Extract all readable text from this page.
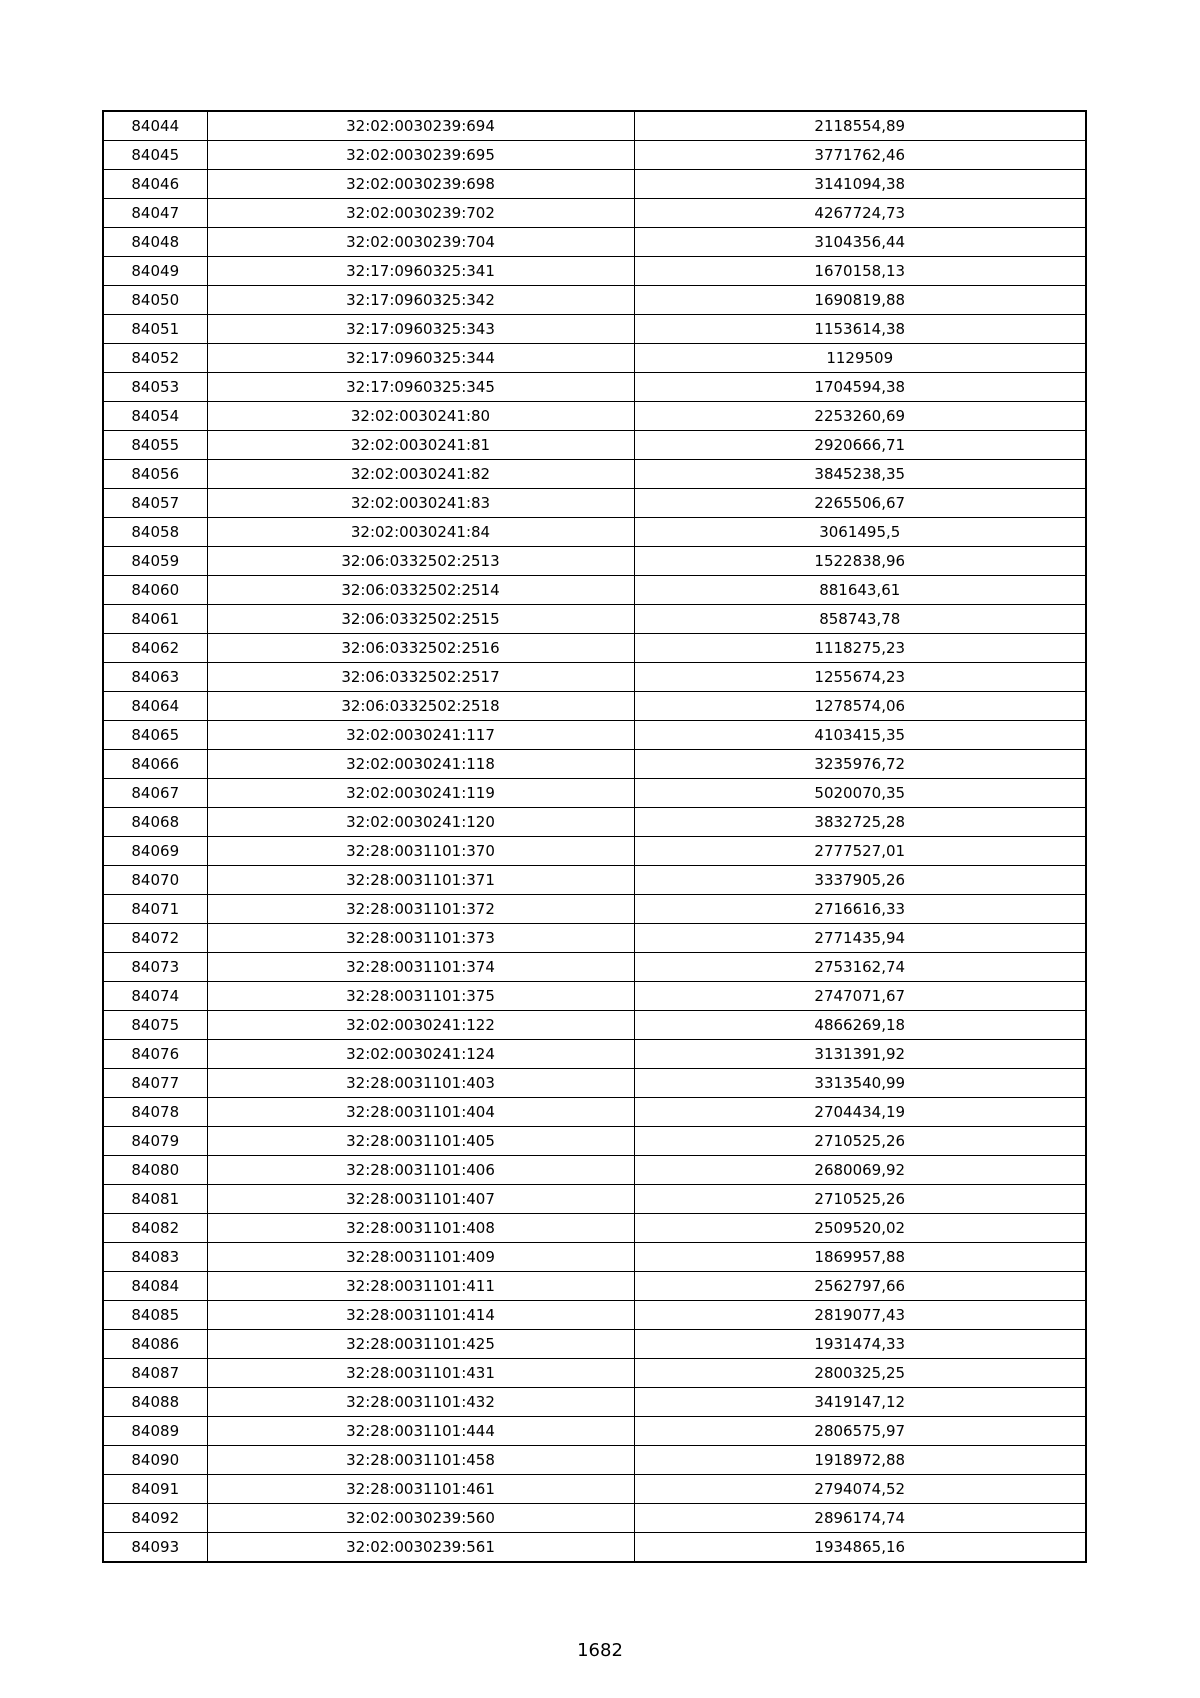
84044	32:02:0030239:694	2118554,89
84045	32:02:0030239:695	3771762,46
84046	32:02:0030239:698	3141094,38
84047	32:02:0030239:702	4267724,73
84048	32:02:0030239:704	3104356,44
84049	32:17:0960325:341	1670158,13
84050	32:17:0960325:342	1690819,88
84051	32:17:0960325:343	1153614,38
84052	32:17:0960325:344	1129509
84053	32:17:0960325:345	1704594,38
84054	32:02:0030241:80	2253260,69
84055	32:02:0030241:81	2920666,71
84056	32:02:0030241:82	3845238,35
84057	32:02:0030241:83	2265506,67
84058	32:02:0030241:84	3061495,5
84059	32:06:0332502:2513	1522838,96
84060	32:06:0332502:2514	881643,61
84061	32:06:0332502:2515	858743,78
84062	32:06:0332502:2516	1118275,23
84063	32:06:0332502:2517	1255674,23
84064	32:06:0332502:2518	1278574,06
84065	32:02:0030241:117	4103415,35
84066	32:02:0030241:118	3235976,72
84067	32:02:0030241:119	5020070,35
84068	32:02:0030241:120	3832725,28
84069	32:28:0031101:370	2777527,01
84070	32:28:0031101:371	3337905,26
84071	32:28:0031101:372	2716616,33
84072	32:28:0031101:373	2771435,94
84073	32:28:0031101:374	2753162,74
84074	32:28:0031101:375	2747071,67
84075	32:02:0030241:122	4866269,18
84076	32:02:0030241:124	3131391,92
84077	32:28:0031101:403	3313540,99
84078	32:28:0031101:404	2704434,19
84079	32:28:0031101:405	2710525,26
84080	32:28:0031101:406	2680069,92
84081	32:28:0031101:407	2710525,26
84082	32:28:0031101:408	2509520,02
84083	32:28:0031101:409	1869957,88
84084	32:28:0031101:411	2562797,66
84085	32:28:0031101:414	2819077,43
84086	32:28:0031101:425	1931474,33
84087	32:28:0031101:431	2800325,25
84088	32:28:0031101:432	3419147,12
84089	32:28:0031101:444	2806575,97
84090	32:28:0031101:458	1918972,88
84091	32:28:0031101:461	2794074,52
84092	32:02:0030239:560	2896174,74
84093	32:02:0030239:561	1934865,16
1682
